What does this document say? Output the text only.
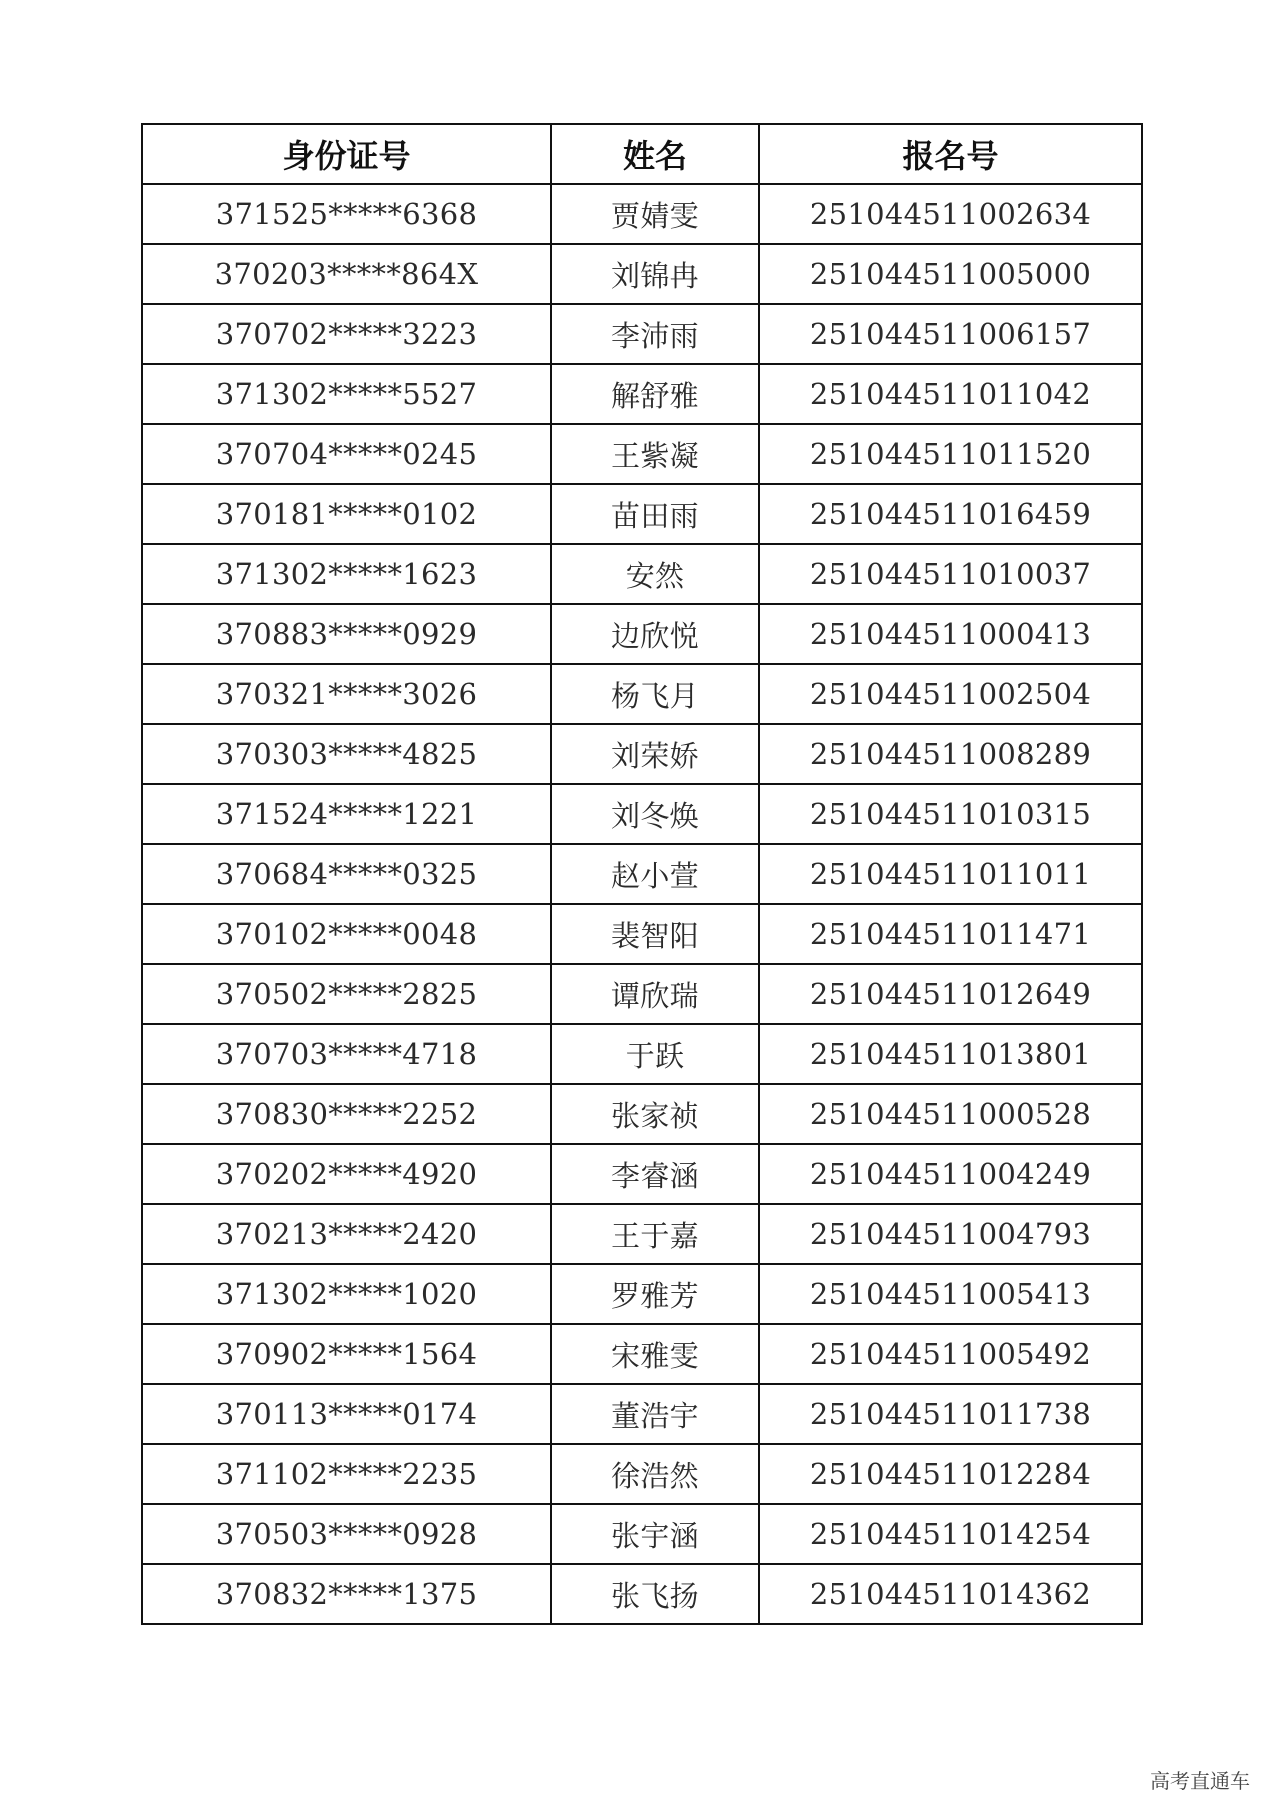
身份证号	姓名	报名号
371525*****6368	贾婧雯	251044511002634
370203*****864X	刘锦冉	251044511005000
370702*****3223	李沛雨	251044511006157
371302*****5527	解舒雅	251044511011042
370704*****0245	王紫凝	251044511011520
370181*****0102	苗田雨	251044511016459
371302*****1623	安然	251044511010037
370883*****0929	边欣悦	251044511000413
370321*****3026	杨飞月	251044511002504
370303*****4825	刘荣娇	251044511008289
371524*****1221	刘冬焕	251044511010315
370684*****0325	赵小萱	251044511011011
370102*****0048	裴智阳	251044511011471
370502*****2825	谭欣瑞	251044511012649
370703*****4718	于跃	251044511013801
370830*****2252	张家祯	251044511000528
370202*****4920	李睿涵	251044511004249
370213*****2420	王于嘉	251044511004793
371302*****1020	罗雅芳	251044511005413
370902*****1564	宋雅雯	251044511005492
370113*****0174	董浩宇	251044511011738
371102*****2235	徐浩然	251044511012284
370503*****0928	张宇涵	251044511014254
370832*****1375	张飞扬	251044511014362
高考直通车
